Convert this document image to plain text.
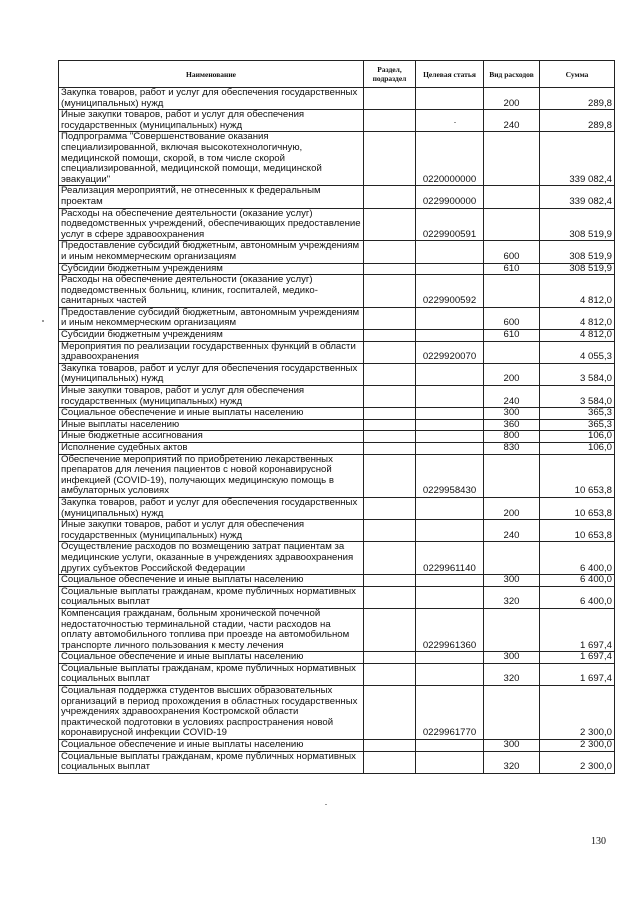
Наименование	Раздел, подраздел	Целевая статья	Вид расходов	Сумма
Закупка товаров, работ и услуг для обеспечения государственных (муниципальных) нужд			200	289,8
Иные закупки товаров, работ и услуг для обеспечения государственных (муниципальных) нужд			240	289,8
Подпрограмма "Совершенствование оказания специализированной, включая высокотехнологичную, медицинской помощи, скорой, в том числе скорой специализированной, медицинской помощи, медицинской эвакуации"		0220000000		339 082,4
Реализация мероприятий, не отнесенных к федеральным проектам		0229900000		339 082,4
Расходы на обеспечение деятельности (оказание услуг) подведомственных учреждений, обеспечивающих предоставление услуг в сфере здравоохранения		0229900591		308 519,9
Предоставление субсидий бюджетным, автономным учреждениям и иным некоммерческим организациям			600	308 519,9
Субсидии бюджетным учреждениям			610	308 519,9
Расходы на обеспечение деятельности (оказание услуг) подведомственных больниц, клиник, госпиталей, медико-санитарных частей		0229900592		4 812,0
Предоставление субсидий бюджетным, автономным учреждениям и иным некоммерческим организациям			600	4 812,0
Субсидии бюджетным учреждениям			610	4 812,0
Мероприятия по реализации государственных функций в области здравоохранения		0229920070		4 055,3
Закупка товаров, работ и услуг для обеспечения государственных (муниципальных) нужд			200	3 584,0
Иные закупки товаров, работ и услуг для обеспечения государственных (муниципальных) нужд			240	3 584,0
Социальное обеспечение и иные выплаты населению			300	365,3
Иные выплаты населению			360	365,3
Иные бюджетные ассигнования			800	106,0
Исполнение судебных актов			830	106,0
Обеспечение мероприятий по приобретению лекарственных препаратов для лечения пациентов с новой коронавирусной инфекцией (COVID-19), получающих медицинскую помощь в амбулаторных условиях		0229958430		10 653,8
Закупка товаров, работ и услуг для обеспечения государственных (муниципальных) нужд			200	10 653,8
Иные закупки товаров, работ и услуг для обеспечения государственных (муниципальных) нужд			240	10 653,8
Осуществление расходов по возмещению затрат пациентам за медицинские услуги, оказанные в учреждениях здравоохранения других субъектов Российской Федерации		0229961140		6 400,0
Социальное обеспечение и иные выплаты населению			300	6 400,0
Социальные выплаты гражданам, кроме публичных нормативных социальных выплат			320	6 400,0
Компенсация гражданам, больным хронической почечной недостаточностью терминальной стадии, части расходов на оплату автомобильного топлива при проезде на автомобильном транспорте личного пользования к месту лечения		0229961360		1 697,4
Социальное обеспечение и иные выплаты населению			300	1 697,4
Социальные выплаты гражданам, кроме публичных нормативных социальных выплат			320	1 697,4
Социальная поддержка студентов высших образовательных организаций в период прохождения в областных государственных учреждениях здравоохранения Костромской области практической подготовки в условиях распространения новой коронавирусной инфекции COVID-19		0229961770		2 300,0
Социальное обеспечение и иные выплаты населению			300	2 300,0
Социальные выплаты гражданам, кроме публичных нормативных социальных выплат			320	2 300,0
130
